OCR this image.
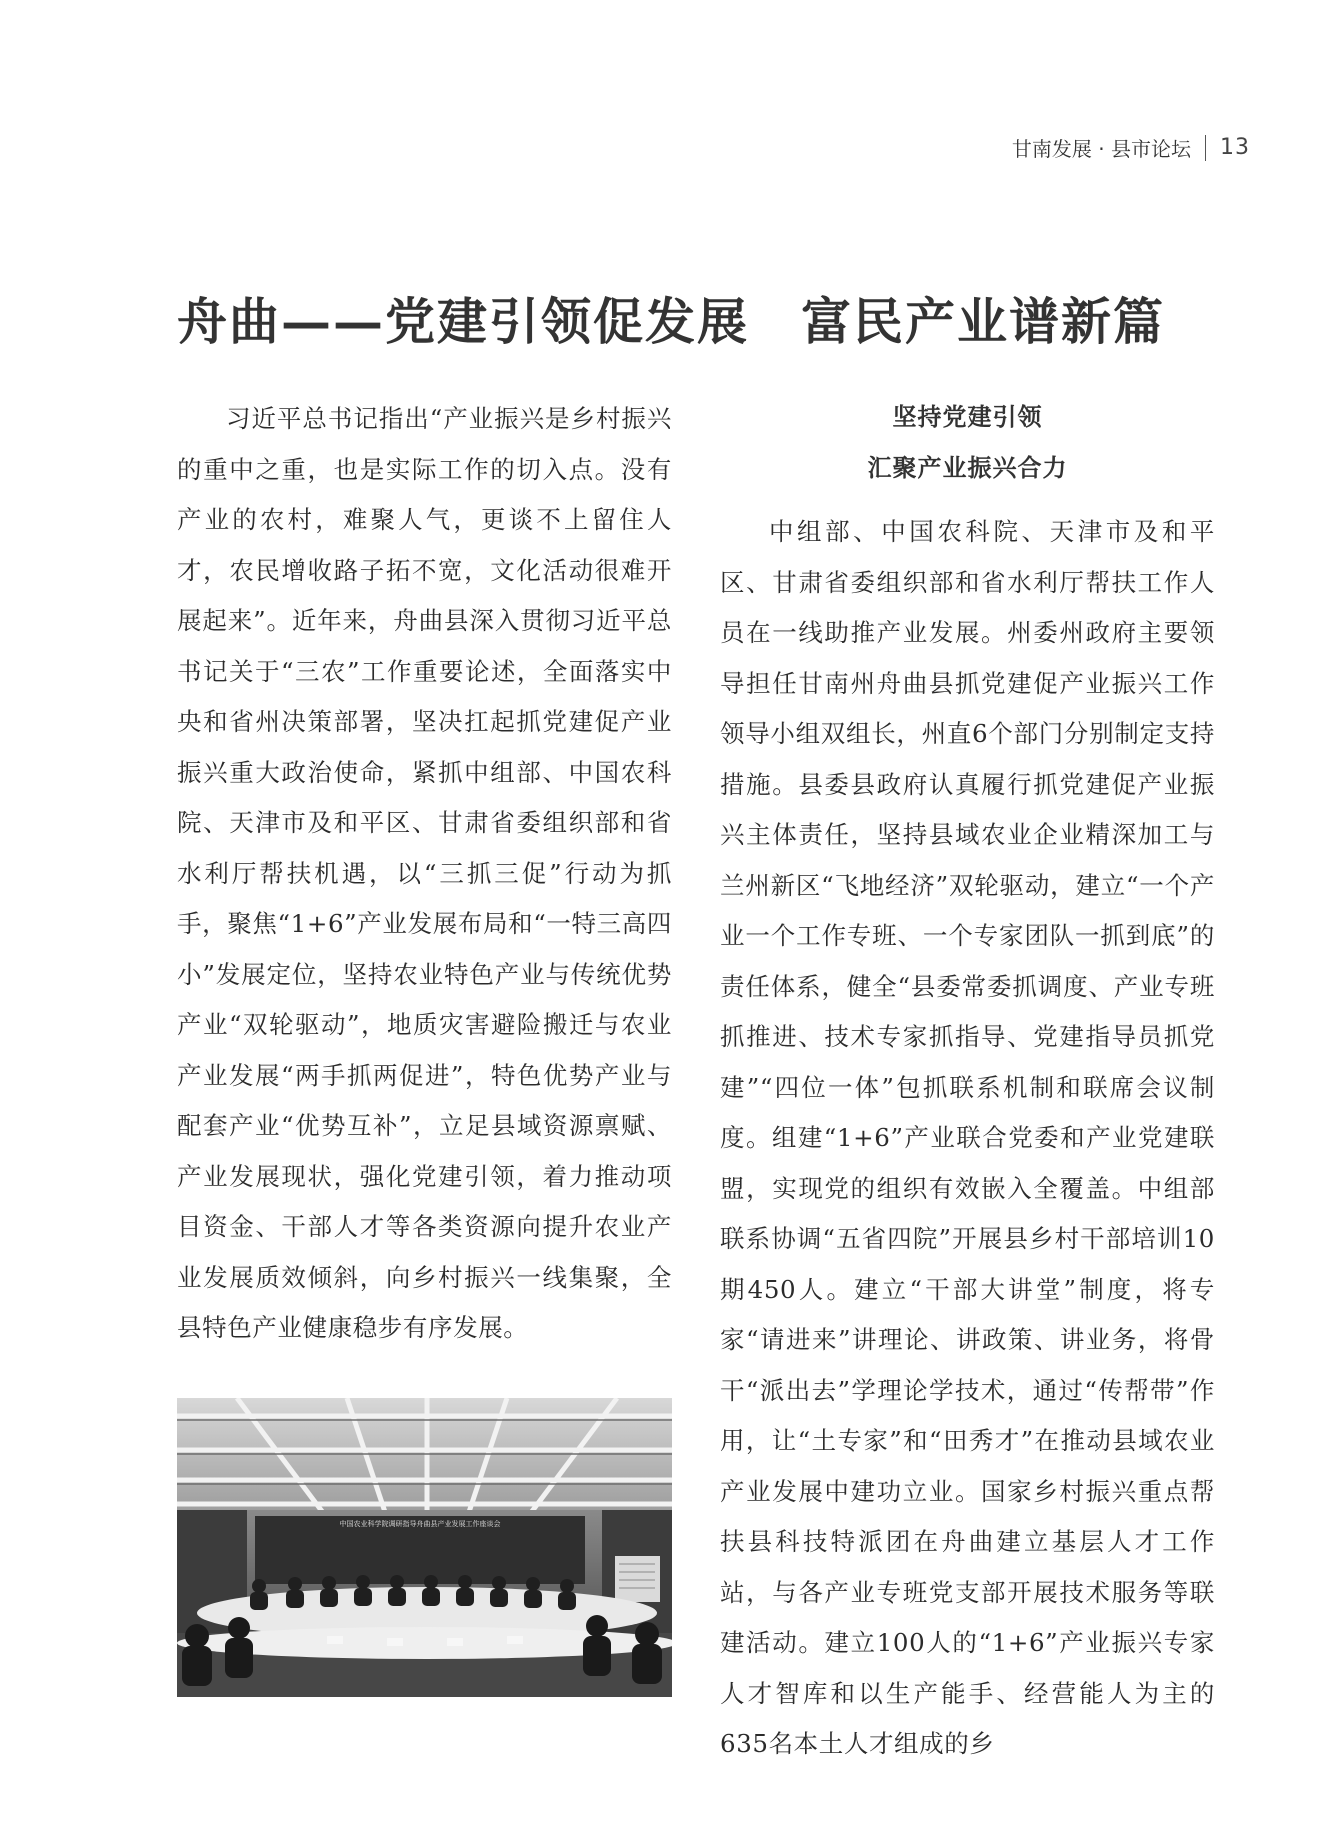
甘南发展 · 县市论坛 13
舟曲——党建引领促发展　富民产业谱新篇

习近平总书记指出“产业振兴是乡村振兴的重中之重，也是实际工作的切入点。没有产业的农村，难聚人气，更谈不上留住人才，农民增收路子拓不宽，文化活动很难开展起来”。近年来，舟曲县深入贯彻习近平总书记关于“三农”工作重要论述，全面落实中央和省州决策部署，坚决扛起抓党建促产业振兴重大政治使命，紧抓中组部、中国农科院、天津市及和平区、甘肃省委组织部和省水利厅帮扶机遇，以“三抓三促”行动为抓手，聚焦“1+6”产业发展布局和“一特三高四小”发展定位，坚持农业特色产业与传统优势产业“双轮驱动”，地质灾害避险搬迁与农业产业发展“两手抓两促进”，特色优势产业与配套产业“优势互补”，立足县域资源禀赋、产业发展现状，强化党建引领，着力推动项目资金、干部人才等各类资源向提升农业产业发展质效倾斜，向乡村振兴一线集聚，全县特色产业健康稳步有序发展。

坚持党建引领
汇聚产业振兴合力

中组部、中国农科院、天津市及和平区、甘肃省委组织部和省水利厅帮扶工作人员在一线助推产业发展。州委州政府主要领导担任甘南州舟曲县抓党建促产业振兴工作领导小组双组长，州直6个部门分别制定支持措施。县委县政府认真履行抓党建促产业振兴主体责任，坚持县域农业企业精深加工与兰州新区“飞地经济”双轮驱动，建立“一个产业一个工作专班、一个专家团队一抓到底”的责任体系，健全“县委常委抓调度、产业专班抓推进、技术专家抓指导、党建指导员抓党建”“四位一体”包抓联系机制和联席会议制度。组建“1+6”产业联合党委和产业党建联盟，实现党的组织有效嵌入全覆盖。中组部联系协调“五省四院”开展县乡村干部培训10期450人。建立“干部大讲堂”制度，将专家“请进来”讲理论、讲政策、讲业务，将骨干“派出去”学理论学技术，通过“传帮带”作用，让“土专家”和“田秀才”在推动县域农业产业发展中建功立业。国家乡村振兴重点帮扶县科技特派团在舟曲建立基层人才工作站，与各产业专班党支部开展技术服务等联建活动。建立100人的“1+6”产业振兴专家人才智库和以生产能手、经营能人为主的635名本土人才组成的乡

中国农业科学院调研指导舟曲县产业发展工作座谈会
